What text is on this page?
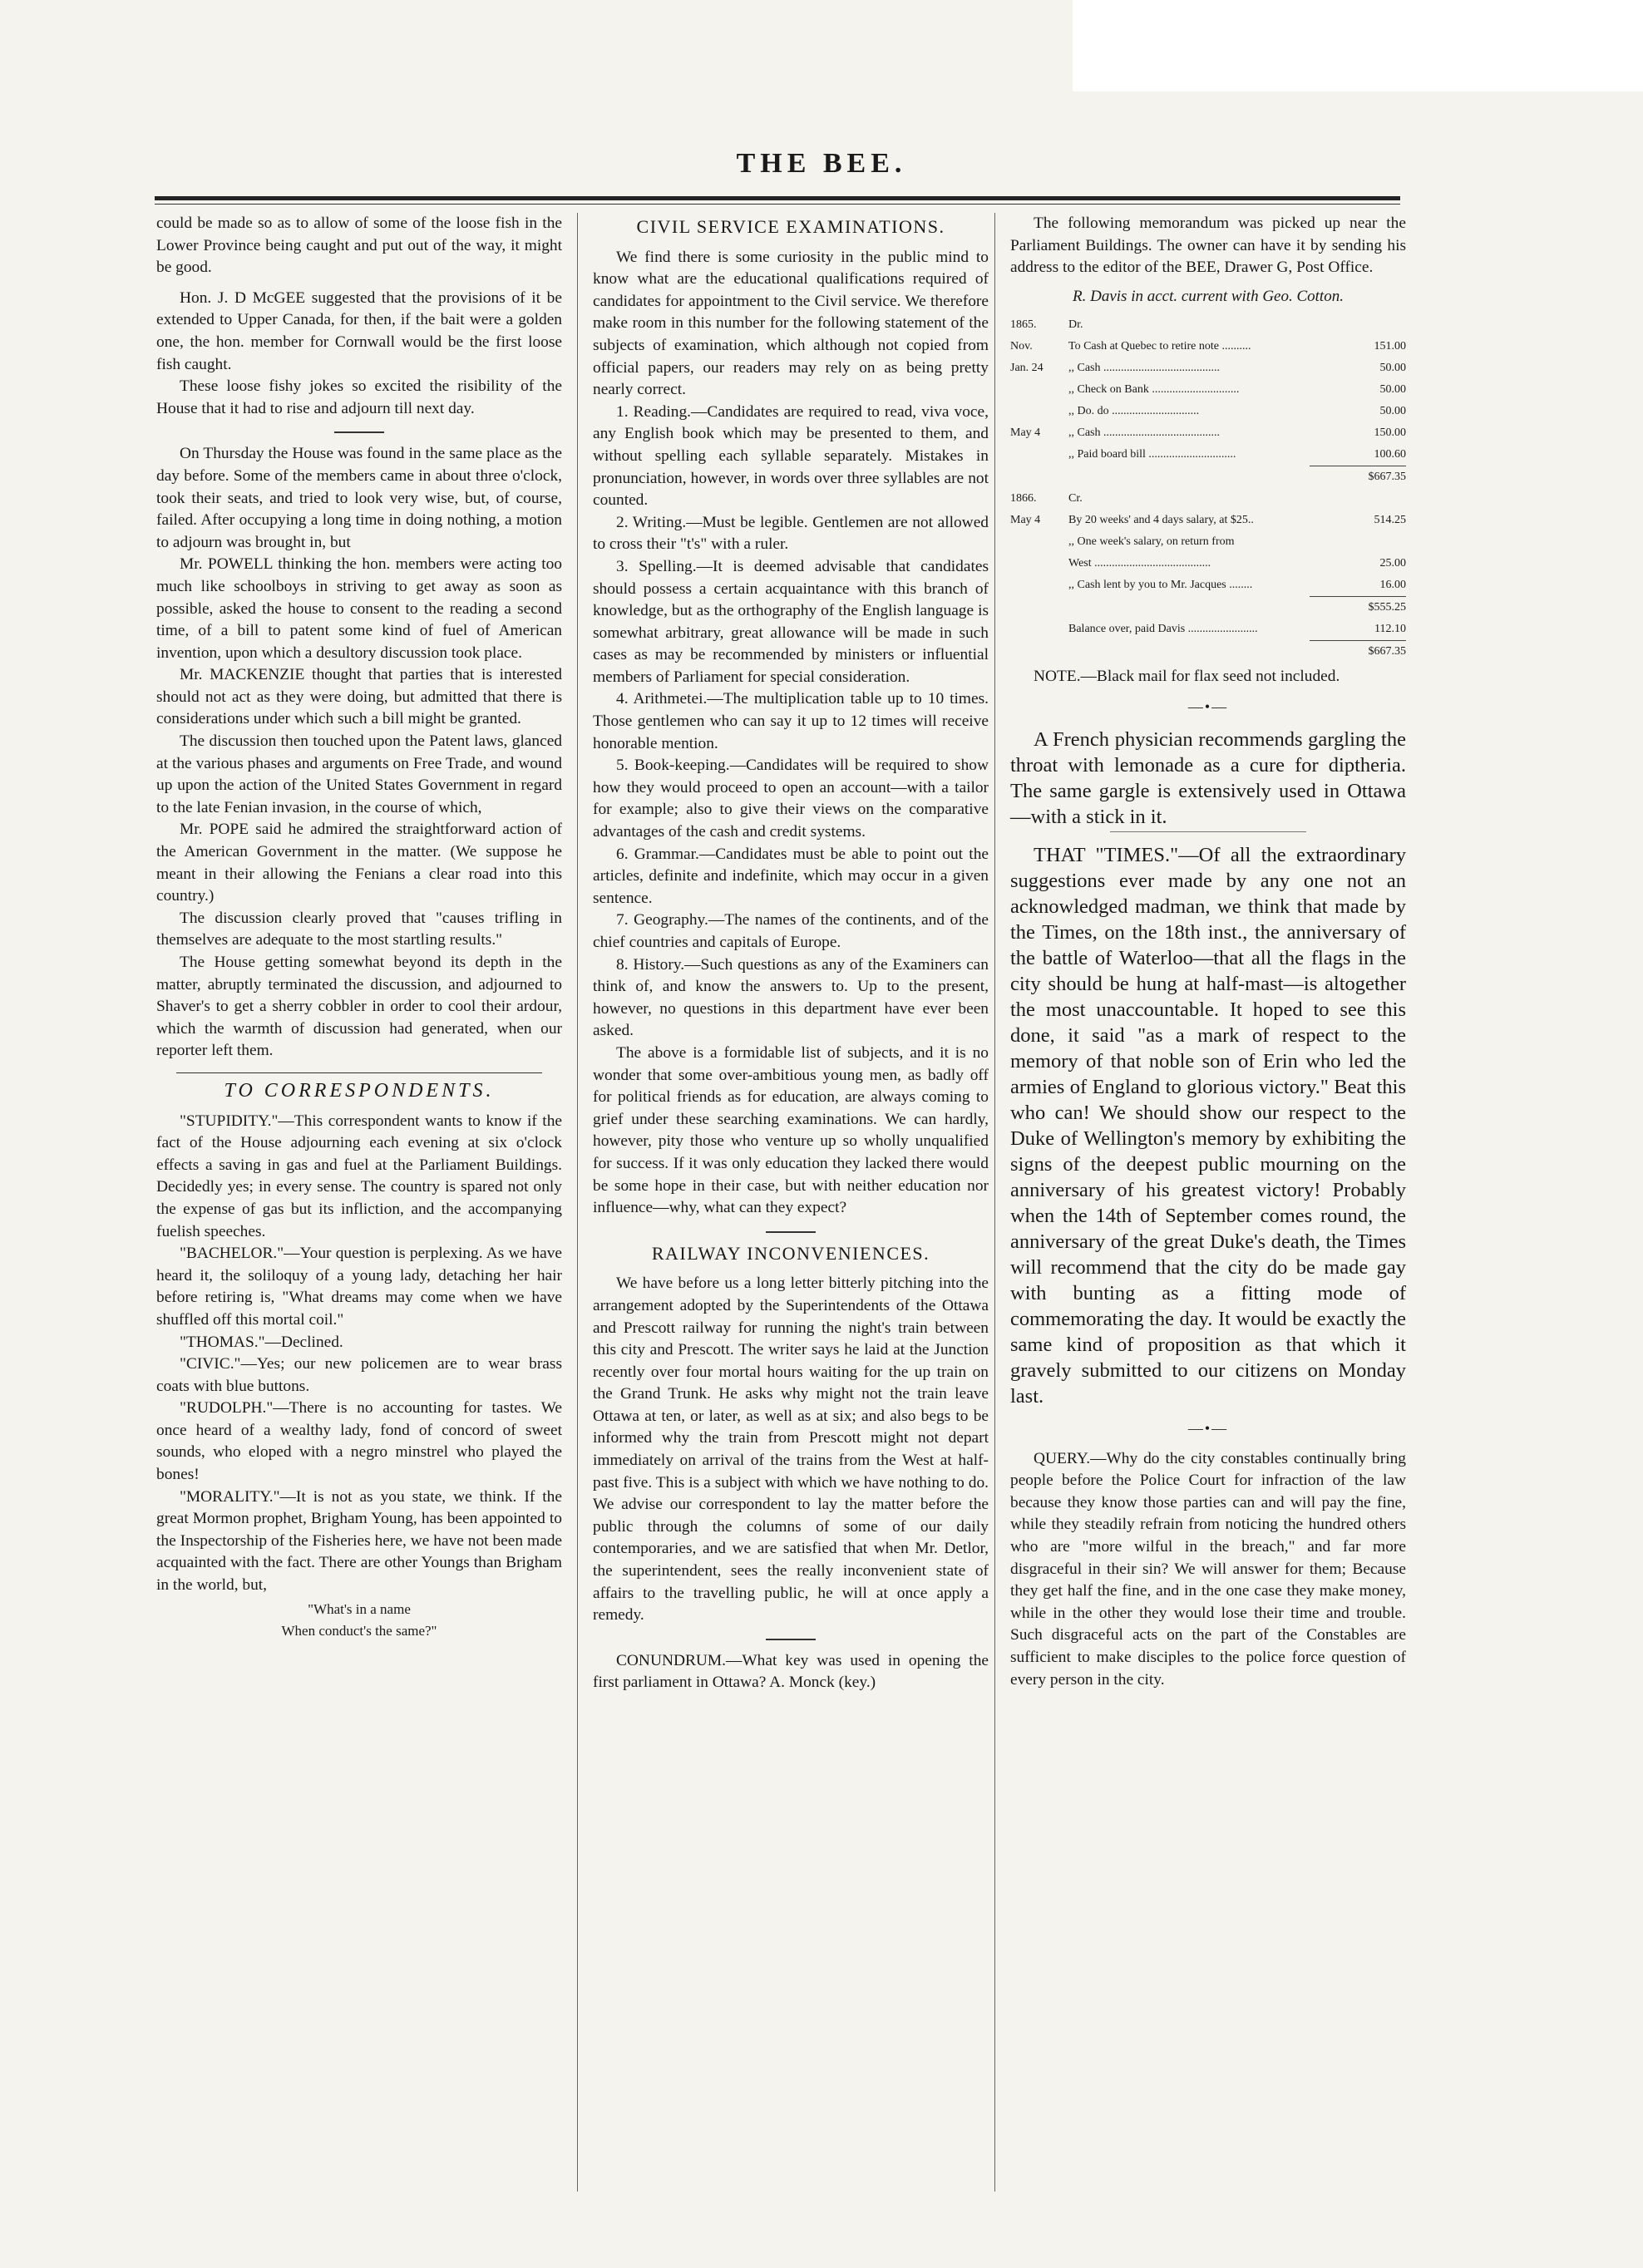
THE BEE.

could be made so as to allow of some of the loose fish in the Lower Province being caught and put out of the way, it might be good.

Hon. J. D McGEE suggested that the provisions of it be extended to Upper Canada, for then, if the bait were a golden one, the hon. member for Cornwall would be the first loose fish caught.

These loose fishy jokes so excited the risibility of the House that it had to rise and adjourn till next day.

On Thursday the House was found in the same place as the day before. Some of the members came in about three o'clock, took their seats, and tried to look very wise, but, of course, failed. After occupying a long time in doing nothing, a motion to adjourn was brought in, but

Mr. POWELL thinking the hon. members were acting too much like schoolboys in striving to get away as soon as possible, asked the house to consent to the reading a second time, of a bill to patent some kind of fuel of American invention, upon which a desultory discussion took place.

Mr. MACKENZIE thought that parties that is interested should not act as they were doing, but admitted that there is considerations under which such a bill might be granted.

The discussion then touched upon the Patent laws, glanced at the various phases and arguments on Free Trade, and wound up upon the action of the United States Government in regard to the late Fenian invasion, in the course of which,

Mr. POPE said he admired the straightforward action of the American Government in the matter. (We suppose he meant in their allowing the Fenians a clear road into this country.)

The discussion clearly proved that "causes trifling in themselves are adequate to the most startling results."

The House getting somewhat beyond its depth in the matter, abruptly terminated the discussion, and adjourned to Shaver's to get a sherry cobbler in order to cool their ardour, which the warmth of discussion had generated, when our reporter left them.

TO CORRESPONDENTS.

"STUPIDITY."—This correspondent wants to know if the fact of the House adjourning each evening at six o'clock effects a saving in gas and fuel at the Parliament Buildings. Decidedly yes; in every sense. The country is spared not only the expense of gas but its infliction, and the accompanying fuelish speeches.

"BACHELOR."—Your question is perplexing. As we have heard it, the soliloquy of a young lady, detaching her hair before retiring is, "What dreams may come when we have shuffled off this mortal coil."

"THOMAS."—Declined.

"CIVIC."—Yes; our new policemen are to wear brass coats with blue buttons.

"RUDOLPH."—There is no accounting for tastes. We once heard of a wealthy lady, fond of concord of sweet sounds, who eloped with a negro minstrel who played the bones!

"MORALITY."—It is not as you state, we think. If the great Mormon prophet, Brigham Young, has been appointed to the Inspectorship of the Fisheries here, we have not been made acquainted with the fact. There are other Youngs than Brigham in the world, but,

"What's in a name
When conduct's the same?"
CIVIL SERVICE EXAMINATIONS.

We find there is some curiosity in the public mind to know what are the educational qualifications required of candidates for appointment to the Civil service. We therefore make room in this number for the following statement of the subjects of examination, which although not copied from official papers, our readers may rely on as being pretty nearly correct.

1. Reading.—Candidates are required to read, viva voce, any English book which may be presented to them, and without spelling each syllable separately. Mistakes in pronunciation, however, in words over three syllables are not counted.

2. Writing.—Must be legible. Gentlemen are not allowed to cross their "t's" with a ruler.

3. Spelling.—It is deemed advisable that candidates should possess a certain acquaintance with this branch of knowledge, but as the orthography of the English language is somewhat arbitrary, great allowance will be made in such cases as may be recommended by ministers or influential members of Parliament for special consideration.

4. Arithmetei.—The multiplication table up to 10 times. Those gentlemen who can say it up to 12 times will receive honorable mention.

5. Book-keeping.—Candidates will be required to show how they would proceed to open an account—with a tailor for example; also to give their views on the comparative advantages of the cash and credit systems.

6. Grammar.—Candidates must be able to point out the articles, definite and indefinite, which may occur in a given sentence.

7. Geography.—The names of the continents, and of the chief countries and capitals of Europe.

8. History.—Such questions as any of the Examiners can think of, and know the answers to. Up to the present, however, no questions in this department have ever been asked.

The above is a formidable list of subjects, and it is no wonder that some over-ambitious young men, as badly off for political friends as for education, are always coming to grief under these searching examinations. We can hardly, however, pity those who venture up so wholly unqualified for success. If it was only education they lacked there would be some hope in their case, but with neither education nor influence—why, what can they expect?

RAILWAY INCONVENIENCES.

We have before us a long letter bitterly pitching into the arrangement adopted by the Superintendents of the Ottawa and Prescott railway for running the night's train between this city and Prescott. The writer says he laid at the Junction recently over four mortal hours waiting for the up train on the Grand Trunk. He asks why might not the train leave Ottawa at ten, or later, as well as at six; and also begs to be informed why the train from Prescott might not depart immediately on arrival of the trains from the West at half-past five. This is a subject with which we have nothing to do. We advise our correspondent to lay the matter before the public through the columns of some of our daily contemporaries, and we are satisfied that when Mr. Detlor, the superintendent, sees the really inconvenient state of affairs to the travelling public, he will at once apply a remedy.

CONUNDRUM.—What key was used in opening the first parliament in Ottawa? A. Monck (key.)

The following memorandum was picked up near the Parliament Buildings. The owner can have it by sending his address to the editor of the BEE, Drawer G, Post Office.

R. Davis in acct. current with Geo. Cotton.
1865.	Dr.
Nov.	To Cash at Quebec to retire note ..........	151.00
Jan. 24	,, Cash ........................................	50.00
,, Check on Bank ..............................	50.00
,, Do. do ..............................	50.00
May 4	,, Cash ........................................	150.00
,, Paid board bill ..............................	100.60
$667.35
1866.	Cr.
May 4	By 20 weeks' and 4 days salary, at $25..	514.25
,, One week's salary, on return from
West ........................................	25.00
,, Cash lent by you to Mr. Jacques ........	16.00
$555.25
Balance over, paid Davis ........................	112.10
$667.35

NOTE.—Black mail for flax seed not included.

—•—

A French physician recommends gargling the throat with lemonade as a cure for diptheria. The same gargle is extensively used in Ottawa—with a stick in it.

THAT "TIMES."—Of all the extraordinary suggestions ever made by any one not an acknowledged madman, we think that made by the Times, on the 18th inst., the anniversary of the battle of Waterloo—that all the flags in the city should be hung at half-mast—is altogether the most unaccountable. It hoped to see this done, it said "as a mark of respect to the memory of that noble son of Erin who led the armies of England to glorious victory." Beat this who can! We should show our respect to the Duke of Wellington's memory by exhibiting the signs of the deepest public mourning on the anniversary of his greatest victory! Probably when the 14th of September comes round, the anniversary of the great Duke's death, the Times will recommend that the city do be made gay with bunting as a fitting mode of commemorating the day. It would be exactly the same kind of proposition as that which it gravely submitted to our citizens on Monday last.

—•—

QUERY.—Why do the city constables continually bring people before the Police Court for infraction of the law because they know those parties can and will pay the fine, while they steadily refrain from noticing the hundred others who are "more wilful in the breach," and far more disgraceful in their sin? We will answer for them; Because they get half the fine, and in the one case they make money, while in the other they would lose their time and trouble. Such disgraceful acts on the part of the Constables are sufficient to make disciples to the police force question of every person in the city.
